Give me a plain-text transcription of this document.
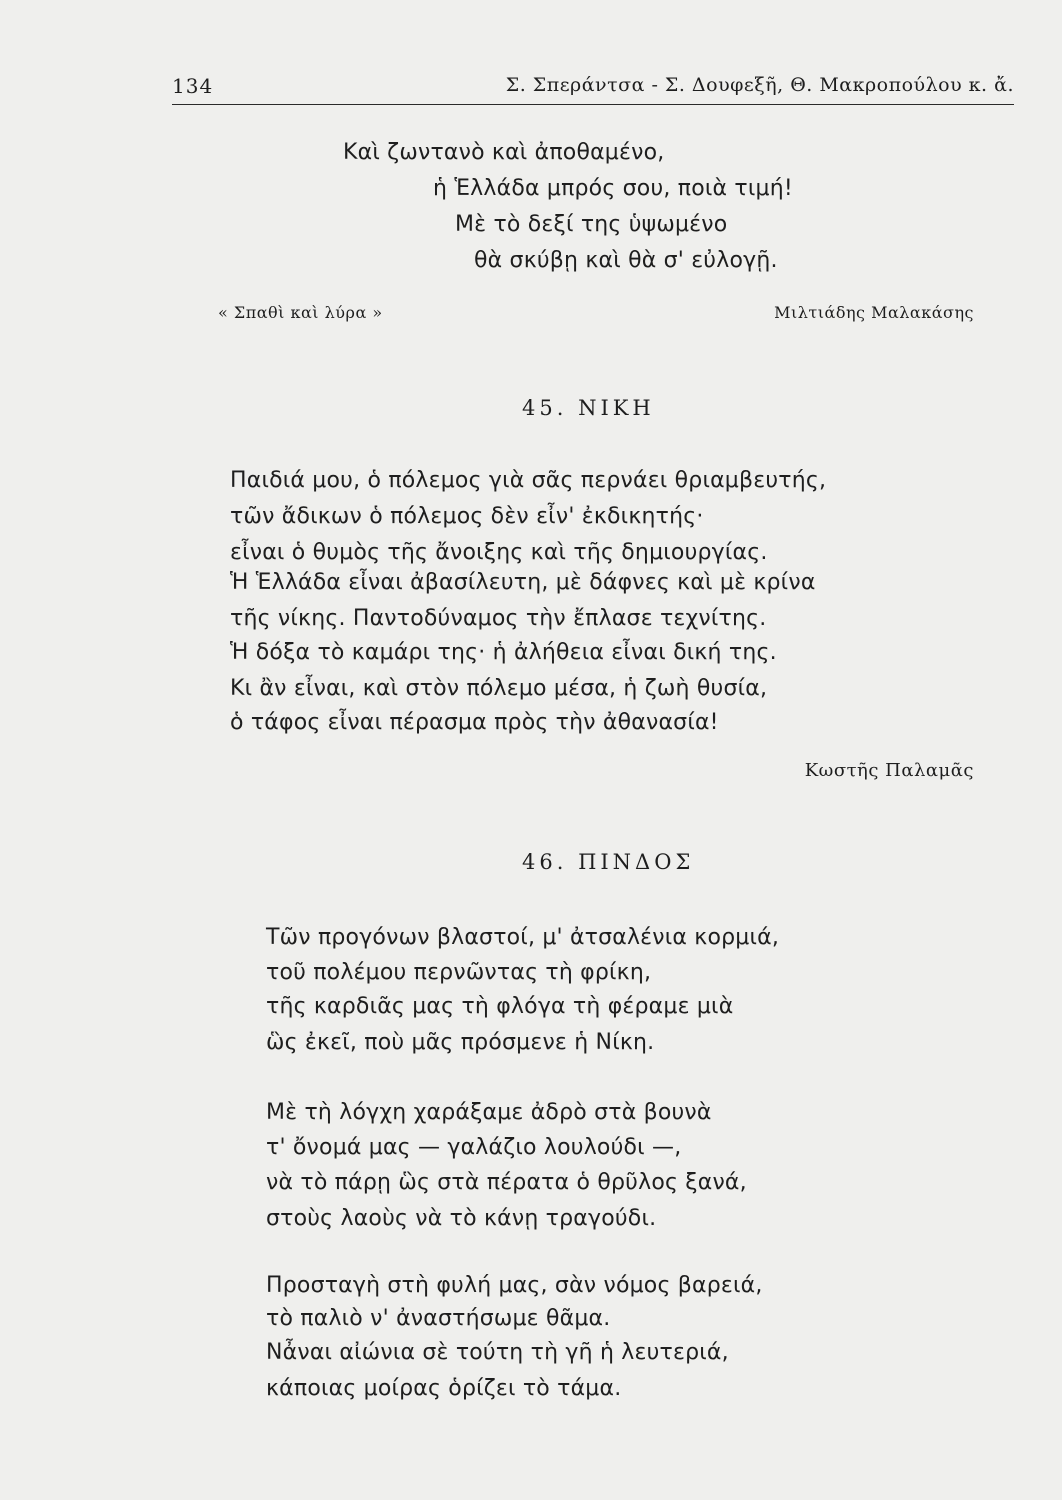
134	Σ. Σπεράντσα - Σ. Δουφεξῆ, Θ. Μακροπούλου κ. ἄ.
Καὶ ζωντανὸ καὶ ἀποθαμένο,
ἡ Ἑλλάδα μπρός σου, ποιὰ τιμή!
Μὲ τὸ δεξί της ὑψωμένο
θὰ σκύβῃ καὶ θὰ σ' εὐλογῇ.
« Σπαθὶ καὶ λύρα »	Μιλτιάδης Μαλακάσης
45. ΝΙΚΗ
Παιδιά μου, ὁ πόλεμος γιὰ σᾶς περνάει θριαμβευτής,
τῶν ἄδικων ὁ πόλεμος δὲν εἶν' ἐκδικητής·
εἶναι ὁ θυμὸς τῆς ἄνοιξης καὶ τῆς δημιουργίας.
Ἡ Ἑλλάδα εἶναι ἀβασίλευτη, μὲ δάφνες καὶ μὲ κρίνα
τῆς νίκης. Παντοδύναμος τὴν ἔπλασε τεχνίτης.
Ἡ δόξα τὸ καμάρι της· ἡ ἀλήθεια εἶναι δική της.
Κι ἂν εἶναι, καὶ στὸν πόλεμο μέσα, ἡ ζωὴ θυσία,
ὁ τάφος εἶναι πέρασμα πρὸς τὴν ἀθανασία!
Κωστῆς Παλαμᾶς
46. ΠΙΝΔΟΣ
Τῶν προγόνων βλαστοί, μ' ἀτσαλένια κορμιά,
τοῦ πολέμου περνῶντας τὴ φρίκη,
τῆς καρδιᾶς μας τὴ φλόγα τὴ φέραμε μιὰ
ὣς ἐκεῖ, ποὺ μᾶς πρόσμενε ἡ Νίκη.
Μὲ τὴ λόγχη χαράξαμε ἀδρὸ στὰ βουνὰ
τ' ὄνομά μας — γαλάζιο λουλούδι —,
νὰ τὸ πάρῃ ὣς στὰ πέρατα ὁ θρῦλος ξανά,
στοὺς λαοὺς νὰ τὸ κάνῃ τραγούδι.
Προσταγὴ στὴ φυλή μας, σὰν νόμος βαρειά,
τὸ παλιὸ ν' ἀναστήσωμε θᾶμα.
Νἆναι αἰώνια σὲ τούτη τὴ γῆ ἡ λευτεριά,
κάποιας μοίρας ὁρίζει τὸ τάμα.
